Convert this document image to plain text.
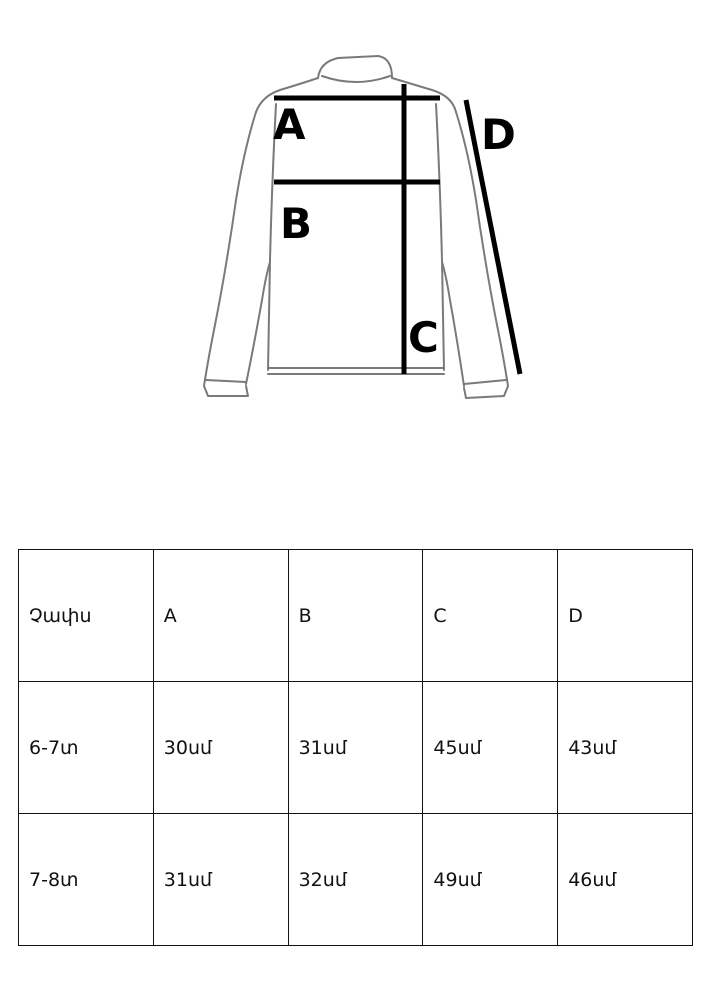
A
B
C
D
Չափս	A	B	C	D
6-7տ	30սմ	31սմ	45սմ	43սմ
7-8տ	31սմ	32սմ	49սմ	46սմ
